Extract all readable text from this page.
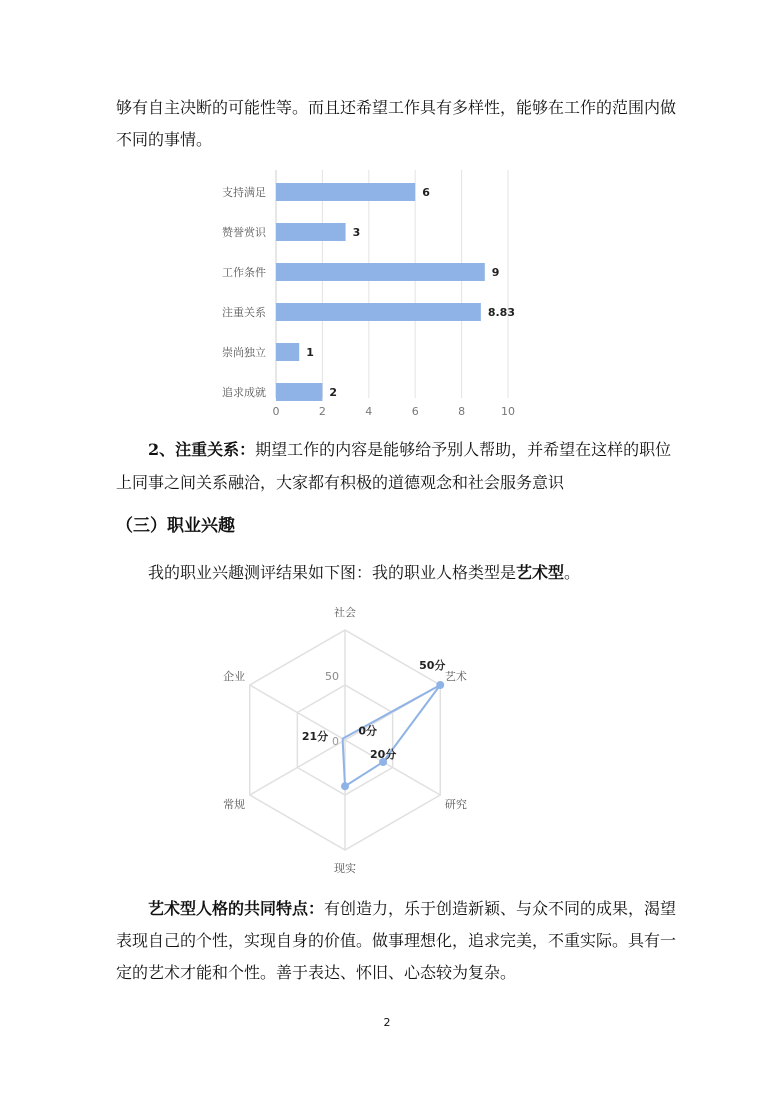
够有自主决断的可能性等。而且还希望工作具有多样性，能够在工作的范围内做
不同的事情。
支持满足
赞誉赏识
工作条件
注重关系
崇尚独立
追求成就
6
3
9
8.83
1
2
0	2	4	6	8	10
2、注重关系：期望工作的内容是能够给予别人帮助，并希望在这样的职位
上同事之间关系融洽，大家都有积极的道德观念和社会服务意识
（三）职业兴趣
我的职业兴趣测评结果如下图：我的职业人格类型是艺术型。
社会
艺术
研究
现实
常规
企业	50
0
50分
20分
21分	0分
艺术型人格的共同特点：有创造力，乐于创造新颖、与众不同的成果，渴望
表现自己的个性，实现自身的价值。做事理想化，追求完美，不重实际。具有一
定的艺术才能和个性。善于表达、怀旧、心态较为复杂。
2
